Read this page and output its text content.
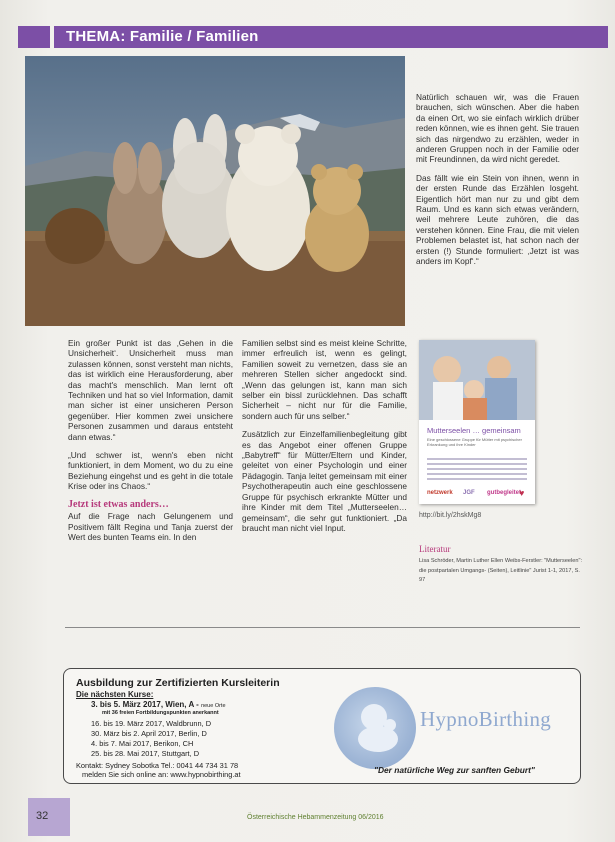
THEMA: Familie / Familien

Natürlich schauen wir, was die Frauen brauchen, sich wünschen. Aber die haben da einen Ort, wo sie einfach wirklich drüber reden können, wie es ihnen geht. Sie trauen sich das nirgendwo zu erzählen, weder in anderen Gruppen noch in der Familie oder mit Freundinnen, da wird nicht geredet.

Das fällt wie ein Stein von ihnen, wenn in der ersten Runde das Erzählen losgeht. Eigentlich hört man nur zu und gibt dem Raum. Und es kann sich etwas verändern, weil mehrere Leute zuhören, die das verstehen können. Eine Frau, die mit vielen Problemen belastet ist, hat schon nach der ersten (!) Stunde formuliert: ‚Jetzt ist was anders im Kopf‘.“

Ein großer Punkt ist das ‚Gehen in die Unsicherheit‘. Unsicherheit muss man zulassen können, sonst versteht man nichts, das ist wirklich eine Herausforderung, aber das macht's menschlich. Man lernt oft Techniken und hat so viel Information, damit man sicher ist einer unsicheren Person gegenüber. Hier kommen zwei unsichere Personen zusammen und daraus entsteht dann etwas.“

„Und schwer ist, wenn's eben nicht funktioniert, in dem Moment, wo du zu eine Beziehung eingehst und es geht in die totale Krise oder ins Chaos.“

Jetzt ist etwas anders…

Auf die Frage nach Gelungenem und Positivem fällt Regina und Tanja zuerst der Wert des bunten Teams ein. In den

Familien selbst sind es meist kleine Schritte, immer erfreulich ist, wenn es gelingt, Familien soweit zu vernetzen, dass sie an mehreren Stellen sicher angedockt sind. „Wenn das gelungen ist, kann man sich selber ein bissl zurücklehnen. Das schafft Sicherheit – nicht nur für die Familie, sondern auch für uns selber.“

Zusätzlich zur Einzelfamilienbegleitung gibt es das Angebot einer offenen Gruppe „Babytreff“ für Mütter/Eltern und Kinder, geleitet von einer Psychologin und einer Pädagogin. Tanja leitet gemeinsam mit einer Psychotherapeutin auch eine geschlossene Gruppe für psychisch erkrankte Mütter und ihre Kinder mit dem Titel „Mutterseelen… gemeinsam“, die sehr gut funktioniert. „Da braucht man nicht viel Input.

Mutterseelen … gemeinsam
Eine geschlossene Gruppe für Mütter mit psychischer Erkrankung und ihre Kinder
netzwerk JGF gutbegleitet
♥
http://bit.ly/2hskMg8
Literatur
Lisa Schröder, Martin Luther Ellen Weibs-Ferstler: "Mutterseelen": die postpartalen Umgangs- (Seiten), Leitlinie" Jurist 1-1, 2017, S. 97
Ausbildung zur Zertifizierten Kursleiterin
Die nächsten Kurse:
3. bis 5. März 2017, Wien, A - neue Orte
mit 36 freien Fortbildungspunkten anerkannt
16. bis 19. März 2017, Waldbrunn, D
30. März bis 2. April 2017, Berlin, D
4. bis 7. Mai 2017, Berikon, CH
25. bis 28. Mai 2017, Stuttgart, D
Kontakt: Sydney Sobotka Tel.: 0041 44 734 31 78
melden Sie sich online an: www.hypnobirthing.at
HypnoBirthing
"Der natürliche Weg zur sanften Geburt"
32	Österreichische Hebammenzeitung 06/2016
